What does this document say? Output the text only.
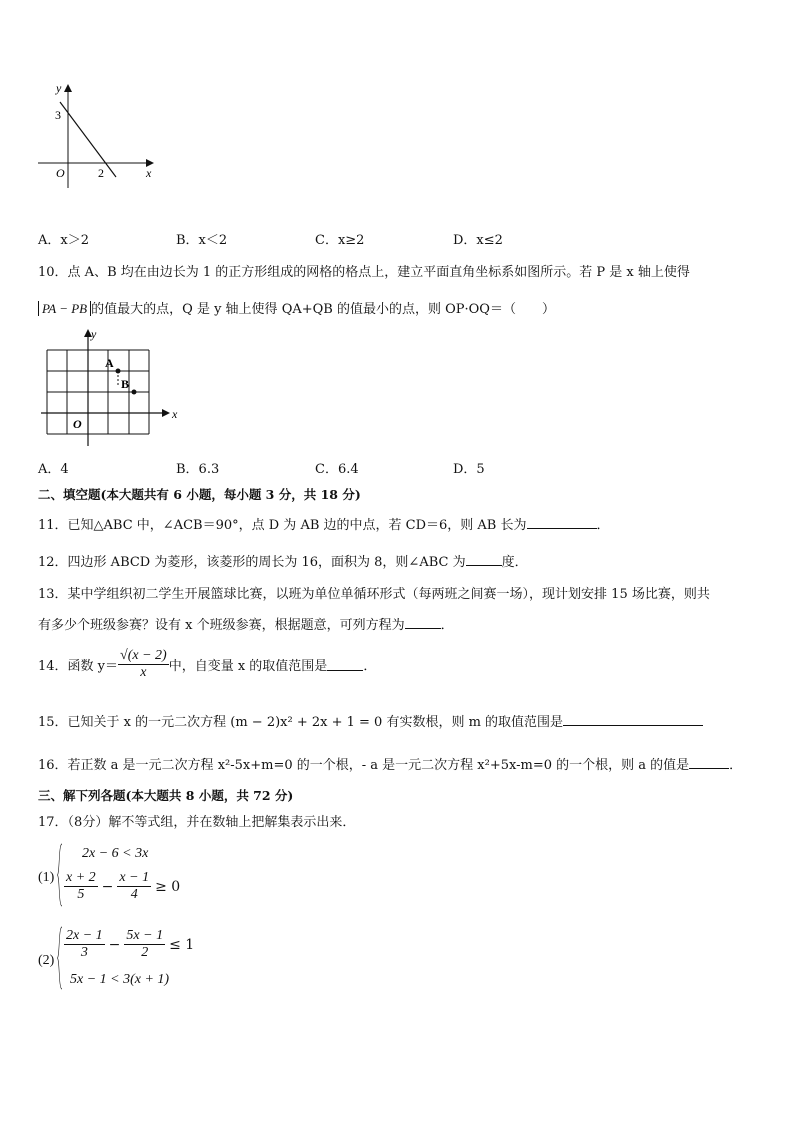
y
3
O	2	x
A．x＞2	B．x＜2	C．x≥2	D．x≤2
10．点 A、B 均在由边长为 1 的正方形组成的网格的格点上，建立平面直角坐标系如图所示。若 P 是 x 轴上使得
PA − PB 的值最大的点，Q 是 y 轴上使得 QA+QB 的值最小的点，则 OP·OQ＝（　　）
y
x
A
B
O
A．4	B．6.3	C．6.4	D．5
二、填空题(本大题共有 6 小题，每小题 3 分，共 18 分)
11．已知△ABC 中，∠ACB＝90°，点 D 为 AB 边的中点，若 CD＝6，则 AB 长为	．
12．四边形 ABCD 为菱形，该菱形的周长为 16，面积为 8，则∠ABC 为	度．
13．某中学组织初二学生开展篮球比赛，以班为单位单循环形式（每两班之间赛一场），现计划安排 15 场比赛，则共
有多少个班级参赛？设有 x 个班级参赛，根据题意，可列方程为	．
14．函数 $y= \frac{√(x - 2)}{x}$ 中，自变量 x 的取值范围是	．
15．已知关于 x 的一元二次方程 (m − 2)x² + 2x + 1 = 0 有实数根，则 m 的取值范围是
16．若正数 a 是一元二次方程 x²-5x+m=0 的一个根，- a 是一元二次方程 x²+5x-m=0 的一个根，则 a 的值是	．
三、解下列各题(本大题共 8 小题，共 72 分)
17．（8分）解不等式组，并在数轴上把解集表示出来．
(1)
2x − 6 < 3x
$\frac{x + 2}{5} - \frac{x - 1}{4} \ge 0$
$(2) \frac{2x - 1}{3} - \frac{5x - 1}{2} \le 1$
5x − 1 < 3(x + 1)
